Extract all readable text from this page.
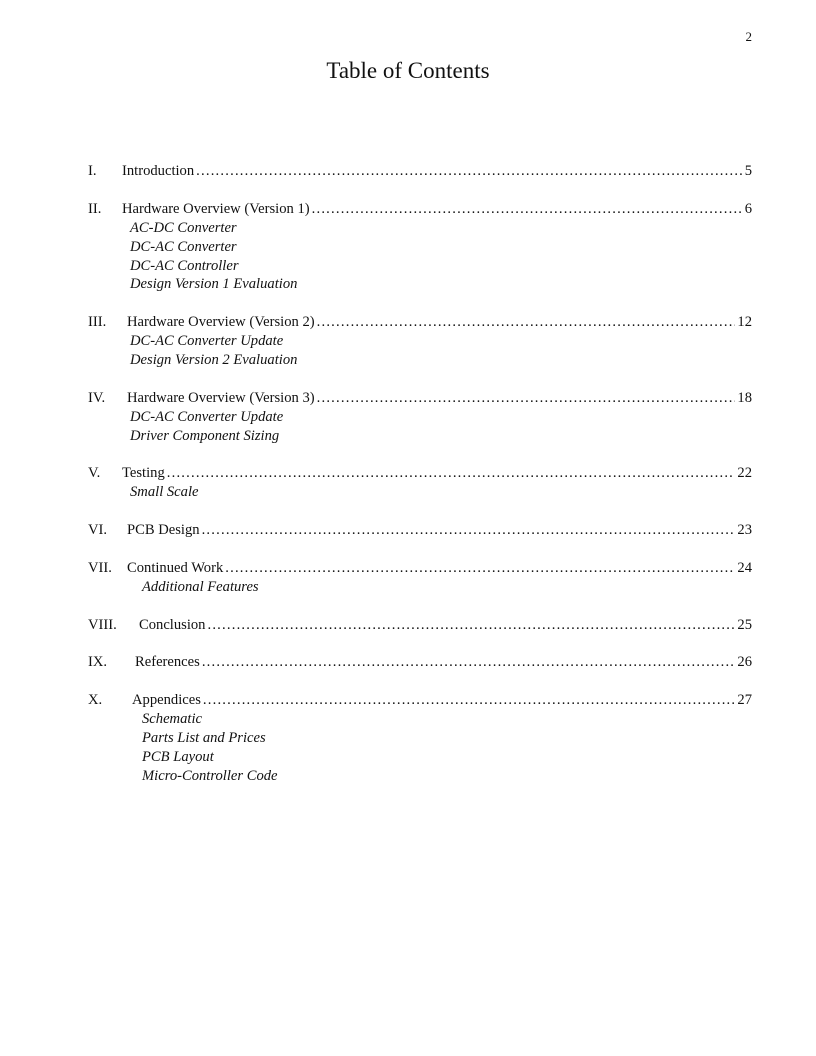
2
Table of Contents
I.	Introduction .....	5
II.	Hardware Overview (Version 1) .....	6
AC-DC Converter
DC-AC Converter
DC-AC Controller
Design Version 1 Evaluation
III.	Hardware Overview (Version 2) .....	12
DC-AC Converter Update
Design Version 2 Evaluation
IV.	Hardware Overview (Version 3) .....	18
DC-AC Converter Update
Driver Component Sizing
V.	Testing .....	22
Small Scale
VI.	PCB Design .....	23
VII.	Continued Work .....	24
Additional Features
VIII.	Conclusion .....	25
IX.	References .....	26
X.	Appendices .....	27
Schematic
Parts List and Prices
PCB Layout
Micro-Controller Code
